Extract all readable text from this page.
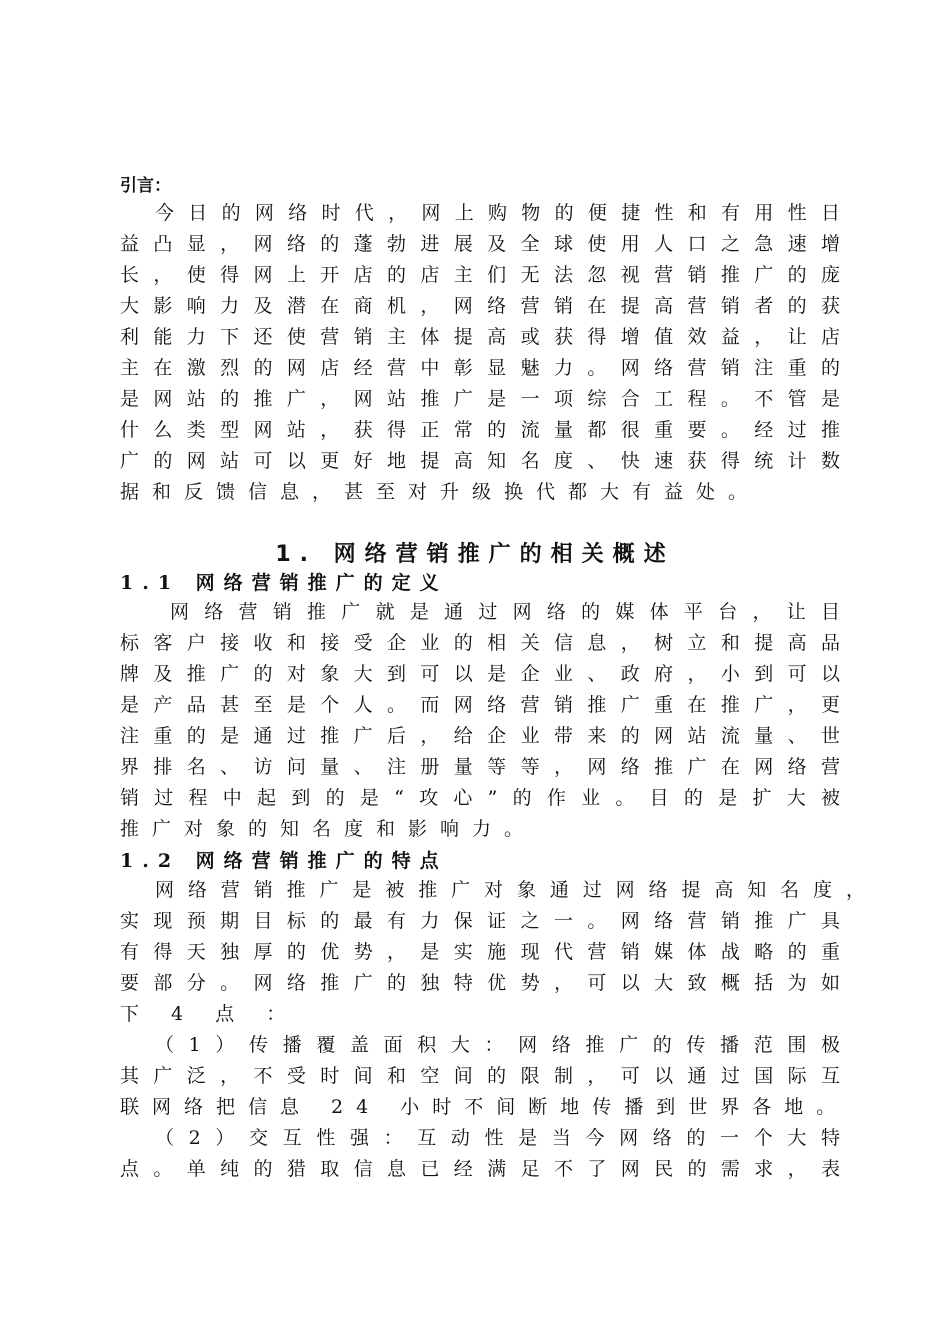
引言：
今日的网络时代，网上购物的便捷性和有用性日
益凸显，网络的蓬勃进展及全球使用人口之急速增
长，使得网上开店的店主们无法忽视营销推广的庞
大影响力及潜在商机，网络营销在提高营销者的获
利能力下还使营销主体提高或获得增值效益，让店
主在激烈的网店经营中彰显魅力。网络营销注重的
是网站的推广，网站推广是一项综合工程。不管是
什么类型网站，获得正常的流量都很重要。经过推
广的网站可以更好地提高知名度、快速获得统计数
据和反馈信息，甚至对升级换代都大有益处。
1. 网络营销推广的相关概述
1.1 网络营销推广的定义
网络营销推广就是通过网络的媒体平台，让目
标客户接收和接受企业的相关信息，树立和提高品
牌及推广的对象大到可以是企业、政府，小到可以
是产品甚至是个人。而网络营销推广重在推广，更
注重的是通过推广后，给企业带来的网站流量、世
界排名、访问量、注册量等等，网络推广在网络营
销过程中起到的是“攻心”的作业。目的是扩大被
推广对象的知名度和影响力。
1.2 网络营销推广的特点
网络营销推广是被推广对象通过网络提高知名度，
实现预期目标的最有力保证之一。网络营销推广具
有得天独厚的优势，是实施现代营销媒体战略的重
要部分。网络推广的独特优势，可以大致概括为如
下 4 点 ：
（1）传播覆盖面积大：网络推广的传播范围极
其广泛，不受时间和空间的限制，可以通过国际互
联网络把信息 24 小时不间断地传播到世界各地。
（2）交互性强：互动性是当今网络的一个大特
点。单纯的猎取信息已经满足不了网民的需求，表
